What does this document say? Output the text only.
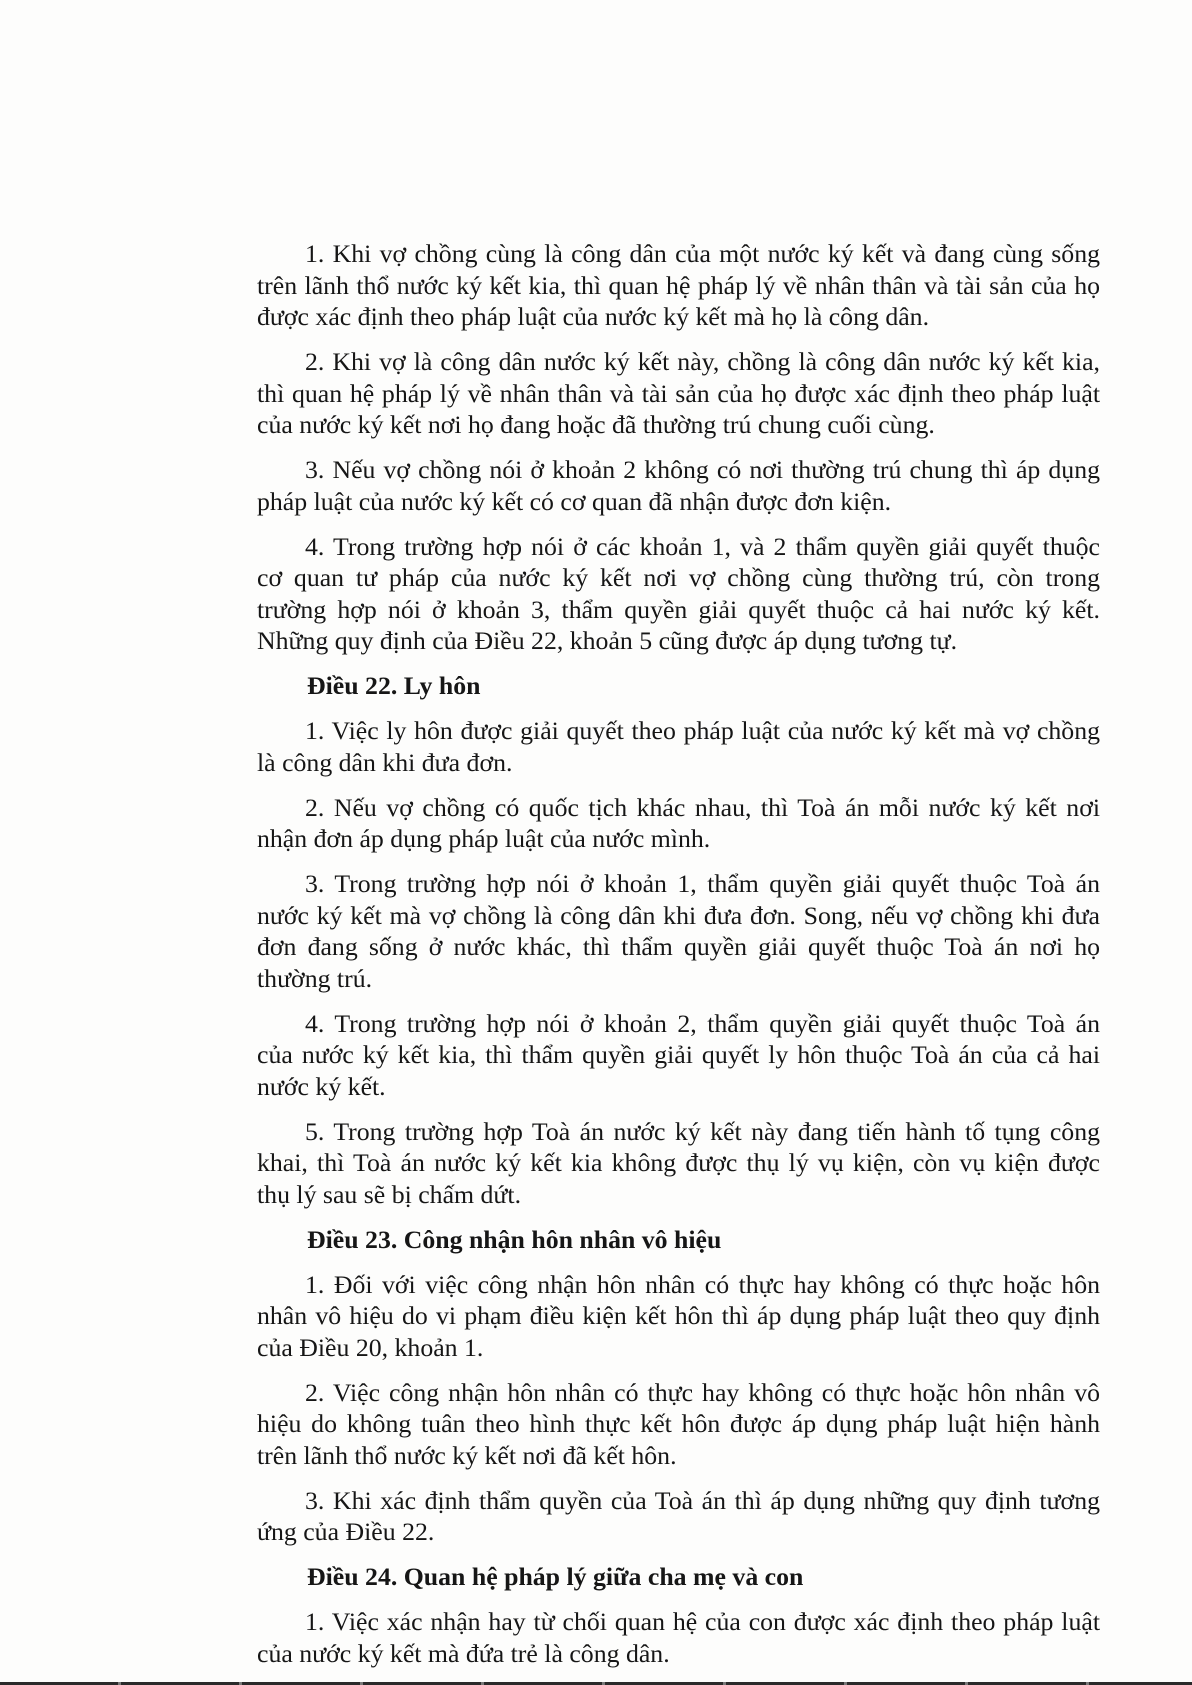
1. Khi vợ chồng cùng là công dân của một nước ký kết và đang cùng sống
trên lãnh thổ nước ký kết kia, thì quan hệ pháp lý về nhân thân và tài sản của họ
được xác định theo pháp luật của nước ký kết mà họ là công dân.
2. Khi vợ là công dân nước ký kết này, chồng là công dân nước ký kết kia,
thì quan hệ pháp lý về nhân thân và tài sản của họ được xác định theo pháp luật
của nước ký kết nơi họ đang hoặc đã thường trú chung cuối cùng.
3. Nếu vợ chồng nói ở khoản 2 không có nơi thường trú chung thì áp dụng
pháp luật của nước ký kết có cơ quan đã nhận được đơn kiện.
4. Trong trường hợp nói ở các khoản 1, và 2 thẩm quyền giải quyết thuộc
cơ quan tư pháp của nước ký kết nơi vợ chồng cùng thường trú, còn trong
trường hợp nói ở khoản 3, thẩm quyền giải quyết thuộc cả hai nước ký kết.
Những quy định của Điều 22, khoản 5 cũng được áp dụng tương tự.
Điều 22. Ly hôn
1. Việc ly hôn được giải quyết theo pháp luật của nước ký kết mà vợ chồng
là công dân khi đưa đơn.
2. Nếu vợ chồng có quốc tịch khác nhau, thì Toà án mỗi nước ký kết nơi
nhận đơn áp dụng pháp luật của nước mình.
3. Trong trường hợp nói ở khoản 1, thẩm quyền giải quyết thuộc Toà án
nước ký kết mà vợ chồng là công dân khi đưa đơn. Song, nếu vợ chồng khi đưa
đơn đang sống ở nước khác, thì thẩm quyền giải quyết thuộc Toà án nơi họ
thường trú.
4. Trong trường hợp nói ở khoản 2, thẩm quyền giải quyết thuộc Toà án
của nước ký kết kia, thì thẩm quyền giải quyết ly hôn thuộc Toà án của cả hai
nước ký kết.
5. Trong trường hợp Toà án nước ký kết này đang tiến hành tố tụng công
khai, thì Toà án nước ký kết kia không được thụ lý vụ kiện, còn vụ kiện được
thụ lý sau sẽ bị chấm dứt.
Điều 23. Công nhận hôn nhân vô hiệu
1. Đối với việc công nhận hôn nhân có thực hay không có thực hoặc hôn
nhân vô hiệu do vi phạm điều kiện kết hôn thì áp dụng pháp luật theo quy định
của Điều 20, khoản 1.
2. Việc công nhận hôn nhân có thực hay không có thực hoặc hôn nhân vô
hiệu do không tuân theo hình thực kết hôn được áp dụng pháp luật hiện hành
trên lãnh thổ nước ký kết nơi đã kết hôn.
3. Khi xác định thẩm quyền của Toà án thì áp dụng những quy định tương
ứng của Điều 22.
Điều 24. Quan hệ pháp lý giữa cha mẹ và con
1. Việc xác nhận hay từ chối quan hệ của con được xác định theo pháp luật
của nước ký kết mà đứa trẻ là công dân.
